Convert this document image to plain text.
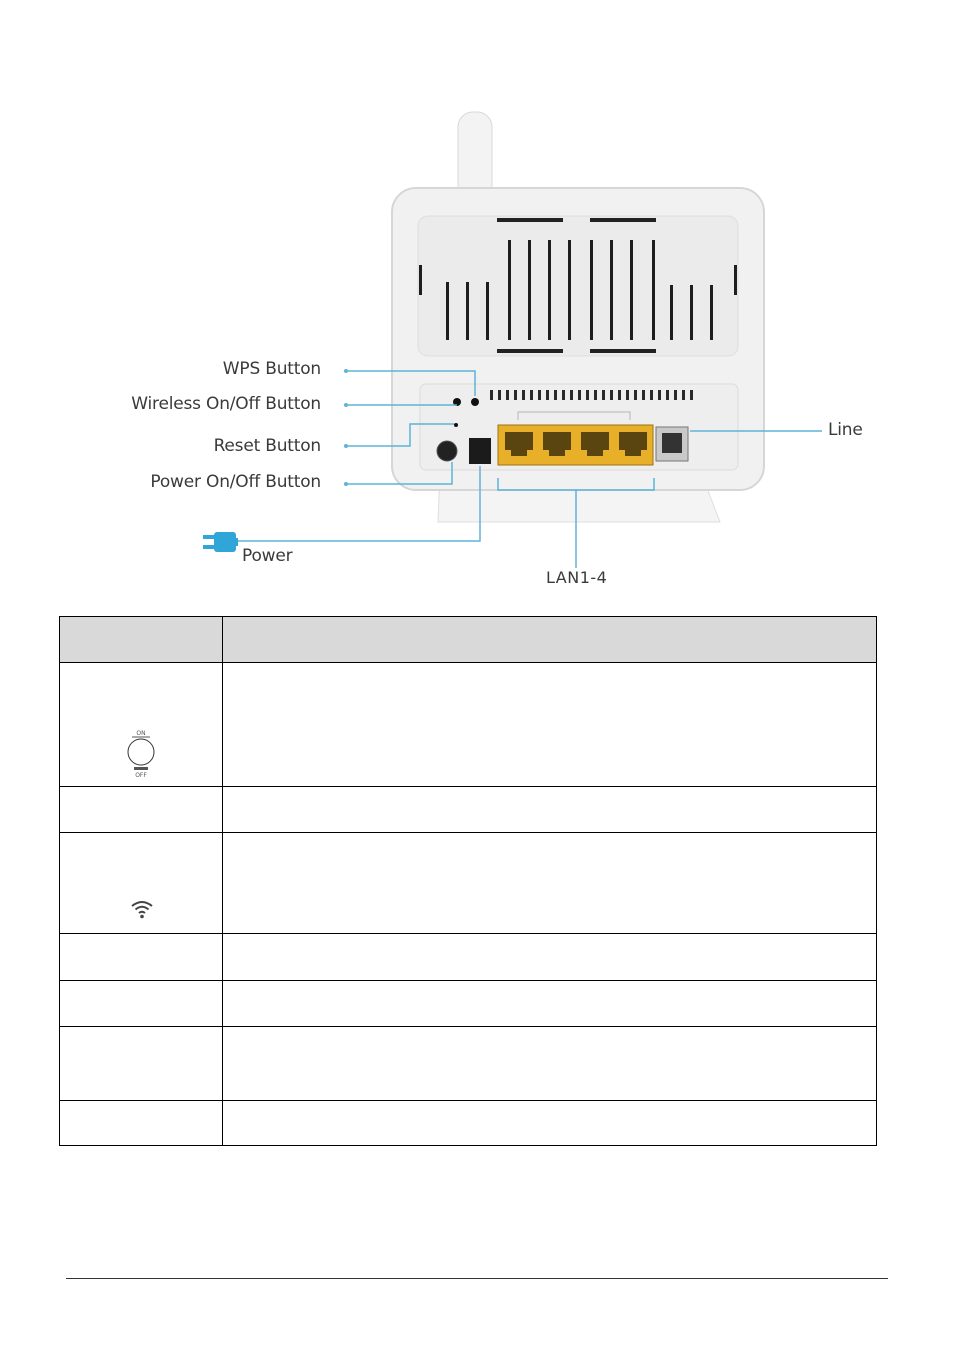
WPS Button
Wireless On/Off Button
Reset Button
Power On/Off Button
Power
Line
LAN1-4

ON
OFF	
